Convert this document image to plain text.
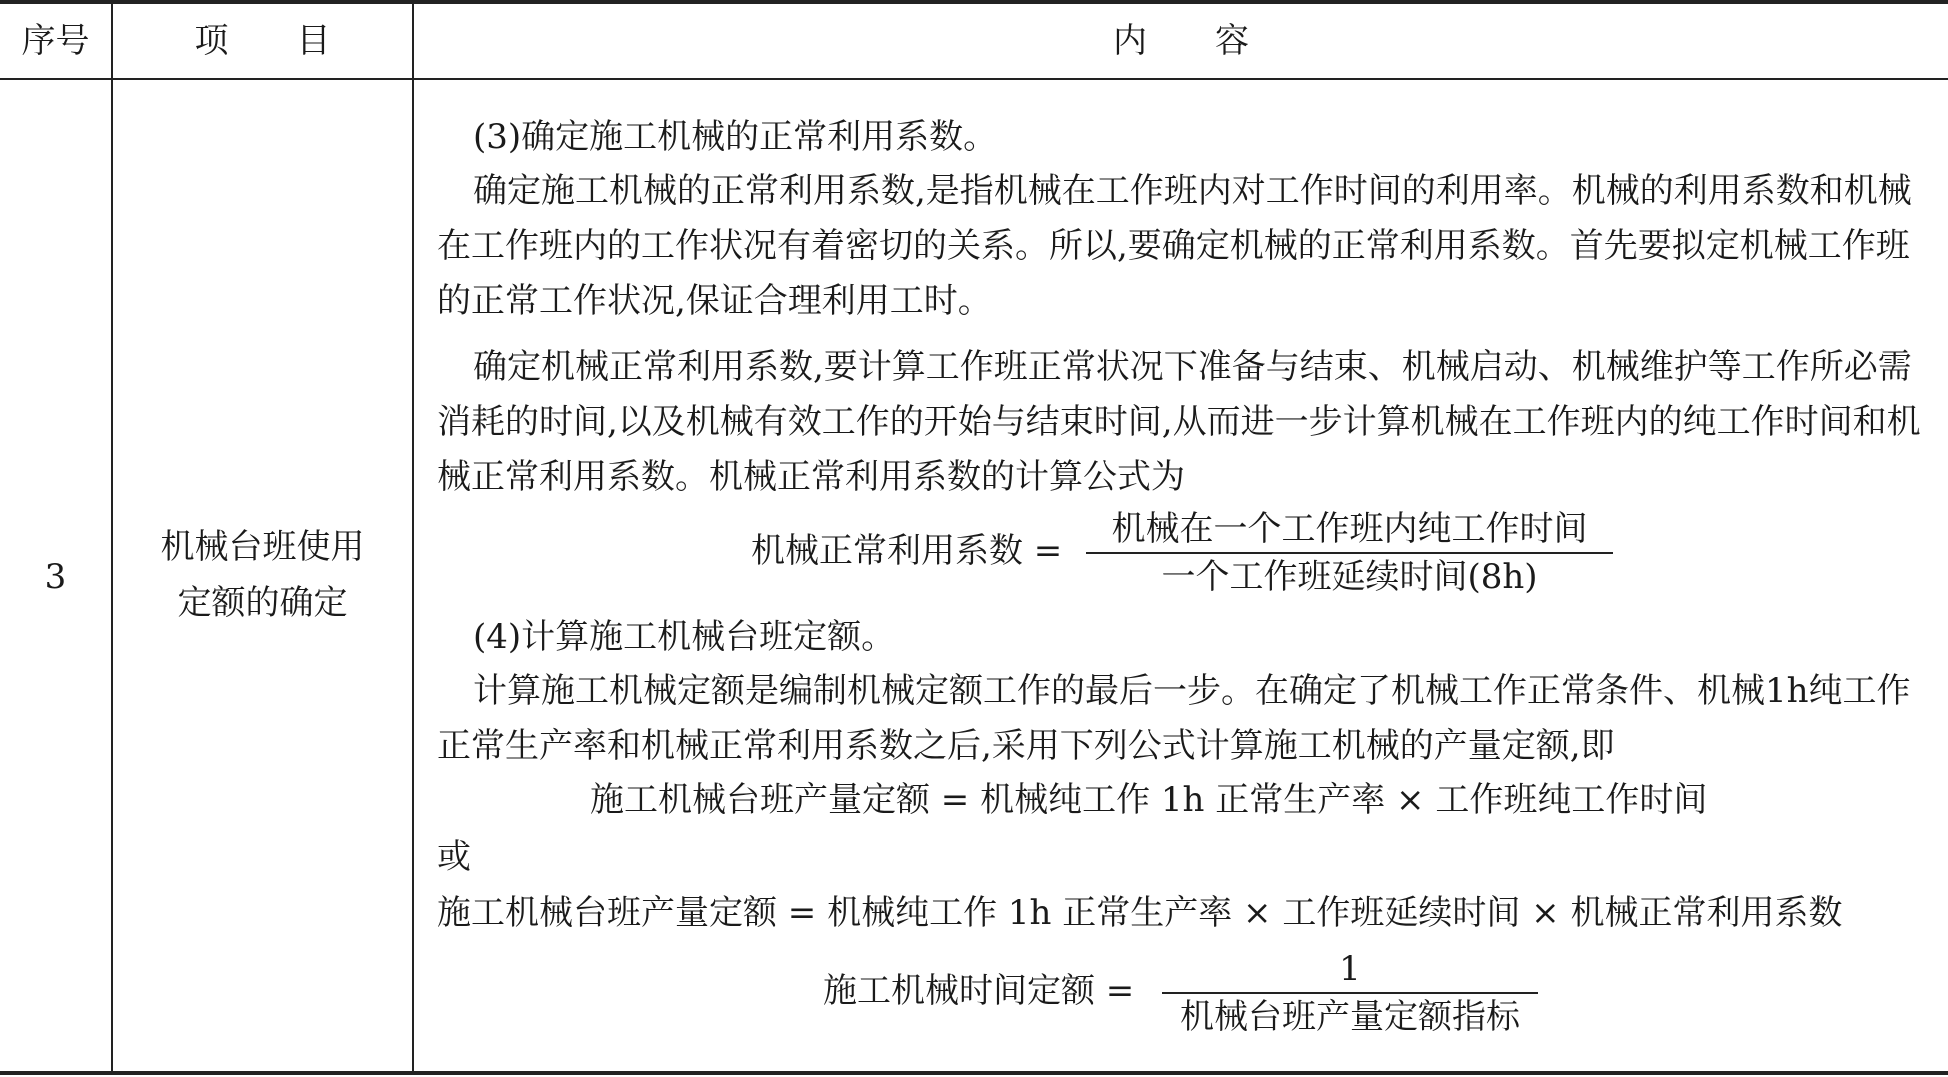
序号	项　　目	内　　容
3
机械台班使用
定额的确定
(3)确定施工机械的正常利用系数。
确定施工机械的正常利用系数,是指机械在工作班内对工作时间的利用率。机械的利用系数和机械在工作班内的工作状况有着密切的关系。所以,要确定机械的正常利用系数。首先要拟定机械工作班的正常工作状况,保证合理利用工时。
确定机械正常利用系数,要计算工作班正常状况下准备与结束、机械启动、机械维护等工作所必需消耗的时间,以及机械有效工作的开始与结束时间,从而进一步计算机械在工作班内的纯工作时间和机械正常利用系数。机械正常利用系数的计算公式为
机械正常利用系数 =
机械在一个工作班内纯工作时间
一个工作班延续时间(8h)
(4)计算施工机械台班定额。
计算施工机械定额是编制机械定额工作的最后一步。在确定了机械工作正常条件、机械1h纯工作正常生产率和机械正常利用系数之后,采用下列公式计算施工机械的产量定额,即
施工机械台班产量定额 = 机械纯工作 1h 正常生产率 × 工作班纯工作时间
或
施工机械台班产量定额 = 机械纯工作 1h 正常生产率 × 工作班延续时间 × 机械正常利用系数
施工机械时间定额 =
1
机械台班产量定额指标
